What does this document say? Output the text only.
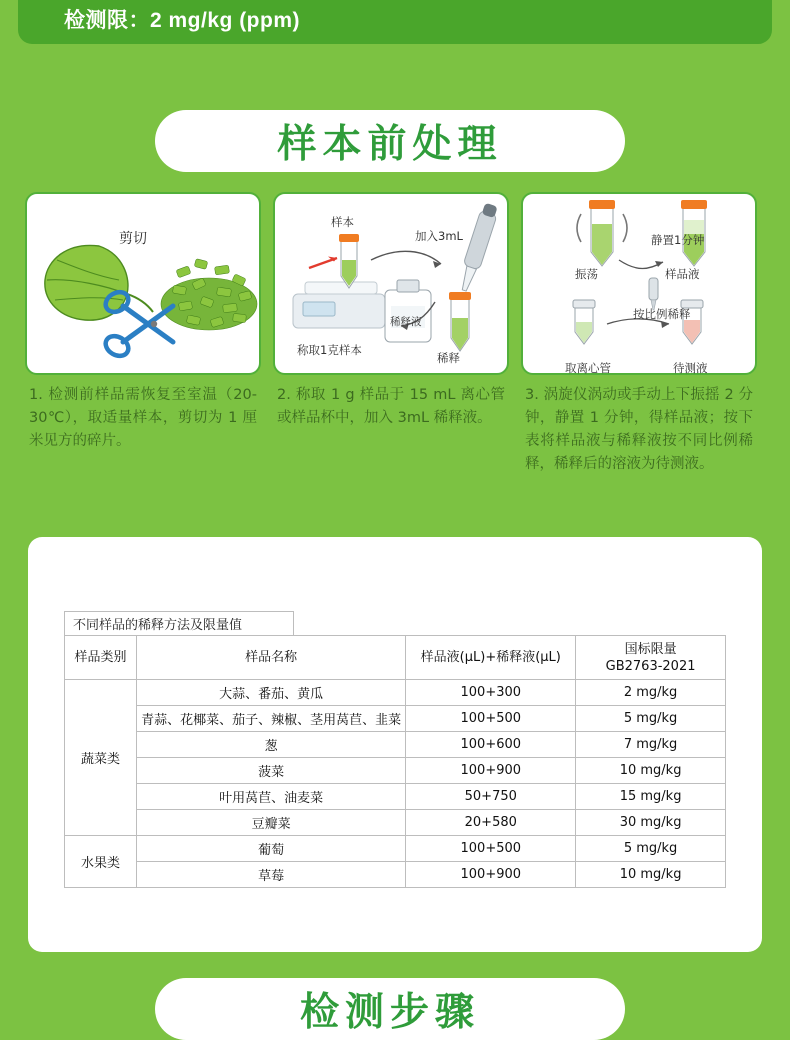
检测限：2 mg/kg (ppm)
样本前处理
剪切
1. 检测前样品需恢复至室温（20-30℃），取适量样本，剪切为 1 厘米见方的碎片。
样本
加入3mL
称取1克样本
稀释液
稀释
2. 称取 1 g 样品于 15 mL 离心管或样品杯中，加入 3mL 稀释液。
静置1分钟
振荡	样品液
按比例稀释
取离心管	待测液
3. 涡旋仪涡动或手动上下振摇 2 分钟，静置 1 分钟，得样品液；按下表将样品液与稀释液按不同比例稀释，稀释后的溶液为待测液。
不同样品的稀释方法及限量值
样品类别	样品名称	样品液(μL)+稀释液(μL)	国标限量
GB2763-2021

蔬菜类	大蒜、番茄、黄瓜	100+300	2 mg/kg
	青蒜、花椰菜、茄子、辣椒、茎用莴苣、韭菜	100+500	5 mg/kg
	葱	100+600	7 mg/kg
	菠菜	100+900	10 mg/kg
	叶用莴苣、油麦菜	50+750	15 mg/kg
	豆瓣菜	20+580	30 mg/kg
水果类	葡萄	100+500	5 mg/kg
	草莓	100+900	10 mg/kg
检测步骤
